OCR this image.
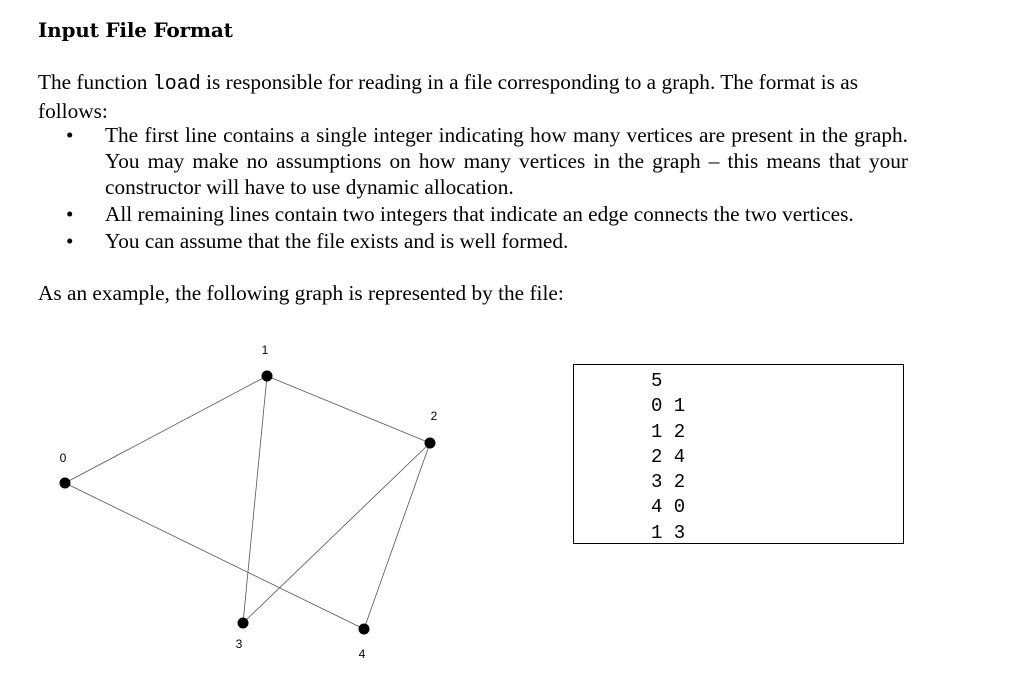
Input File Format
The function load is responsible for reading in a file corresponding to a graph. The format is as follows:
• The first line contains a single integer indicating how many vertices are present in the graph. You may make no assumptions on how many vertices in the graph – this means that your constructor will have to use dynamic allocation.
• All remaining lines contain two integers that indicate an edge connects the two vertices.
• You can assume that the file exists and is well formed.
As an example, the following graph is represented by the file:
0
1
2
3
4
5
0 1
1 2
2 4
3 2
4 0
1 3
